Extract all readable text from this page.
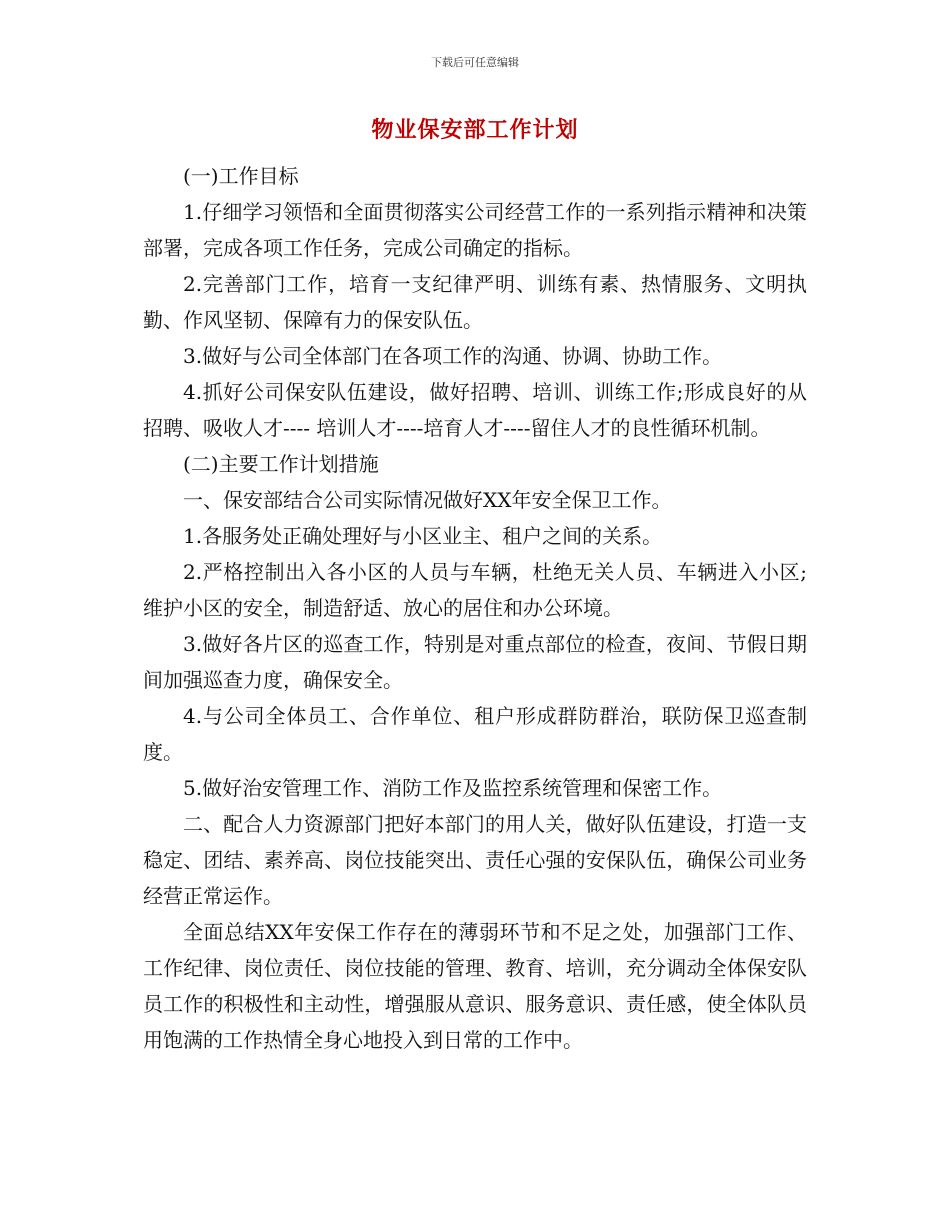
下载后可任意编辑
物业保安部工作计划

(一)工作目标

1.仔细学习领悟和全面贯彻落实公司经营工作的一系列指示精神和决策部署，完成各项工作任务，完成公司确定的指标。

2.完善部门工作，培育一支纪律严明、训练有素、热情服务、文明执勤、作风坚韧、保障有力的保安队伍。

3.做好与公司全体部门在各项工作的沟通、协调、协助工作。

4.抓好公司保安队伍建设，做好招聘、培训、训练工作;形成良好的从招聘、吸收人才---- 培训人才----培育人才----留住人才的良性循环机制。

(二)主要工作计划措施

一、保安部结合公司实际情况做好XX年安全保卫工作。

1.各服务处正确处理好与小区业主、租户之间的关系。

2.严格控制出入各小区的人员与车辆，杜绝无关人员、车辆进入小区;维护小区的安全，制造舒适、放心的居住和办公环境。

3.做好各片区的巡查工作，特别是对重点部位的检查，夜间、节假日期间加强巡查力度，确保安全。

4.与公司全体员工、合作单位、租户形成群防群治，联防保卫巡查制度。

5.做好治安管理工作、消防工作及监控系统管理和保密工作。

二、配合人力资源部门把好本部门的用人关，做好队伍建设，打造一支稳定、团结、素养高、岗位技能突出、责任心强的安保队伍，确保公司业务经营正常运作。

全面总结XX年安保工作存在的薄弱环节和不足之处，加强部门工作、工作纪律、岗位责任、岗位技能的管理、教育、培训，充分调动全体保安队员工作的积极性和主动性，增强服从意识、服务意识、责任感，使全体队员用饱满的工作热情全身心地投入到日常的工作中。
